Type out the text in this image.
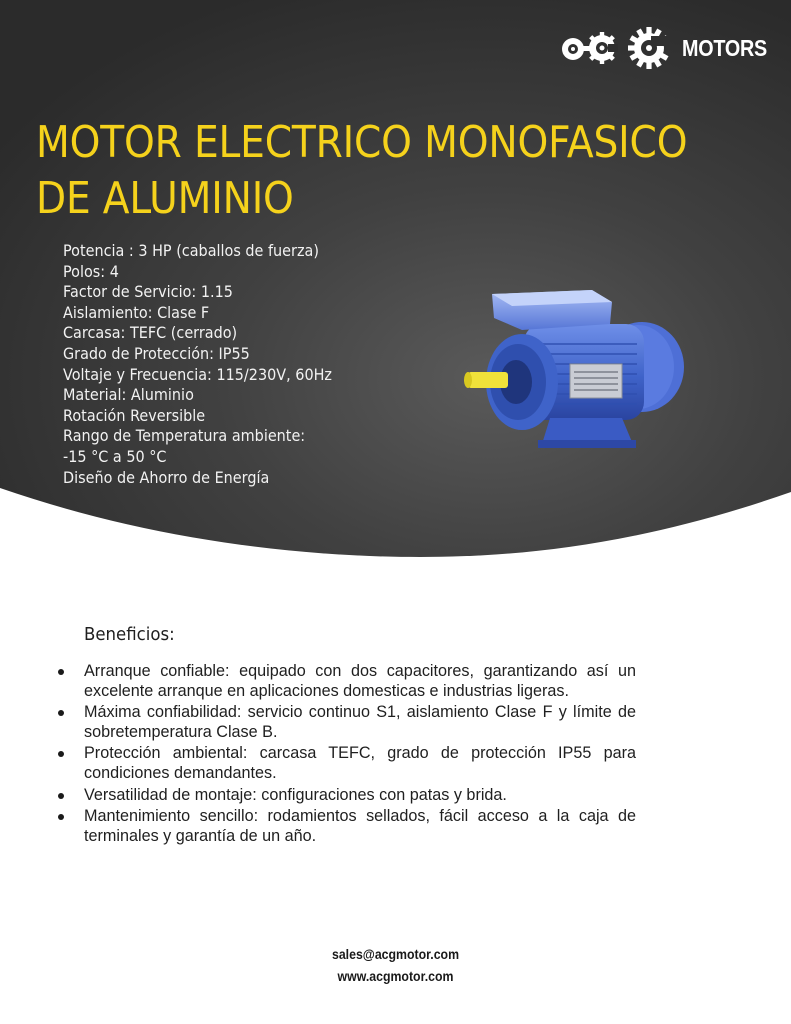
MOTORS
MOTOR ELECTRICO MONOFASICO
DE ALUMINIO
Potencia : 3 HP (caballos de fuerza)
Polos: 4
Factor de Servicio: 1.15
Aislamiento: Clase F
Carcasa: TEFC (cerrado)
Grado de Protección: IP55
Voltaje y Frecuencia: 115/230V, 60Hz
Material: Aluminio
Rotación Reversible
Rango de Temperatura ambiente:
-15 °C a 50 °C
Diseño de Ahorro de Energía
Beneficios:
Arranque confiable: equipado con dos capacitores, garantizando así un excelente arranque en aplicaciones domesticas e industrias ligeras.
Máxima confiabilidad: servicio continuo S1, aislamiento Clase F y límite de sobretemperatura Clase B.
Protección ambiental: carcasa TEFC, grado de protección IP55 para condiciones demandantes.
Versatilidad de montaje: configuraciones con patas y brida.
Mantenimiento sencillo: rodamientos sellados, fácil acceso a la caja de terminales y garantía de un año.
sales@acgmotor.com
www.acgmotor.com
